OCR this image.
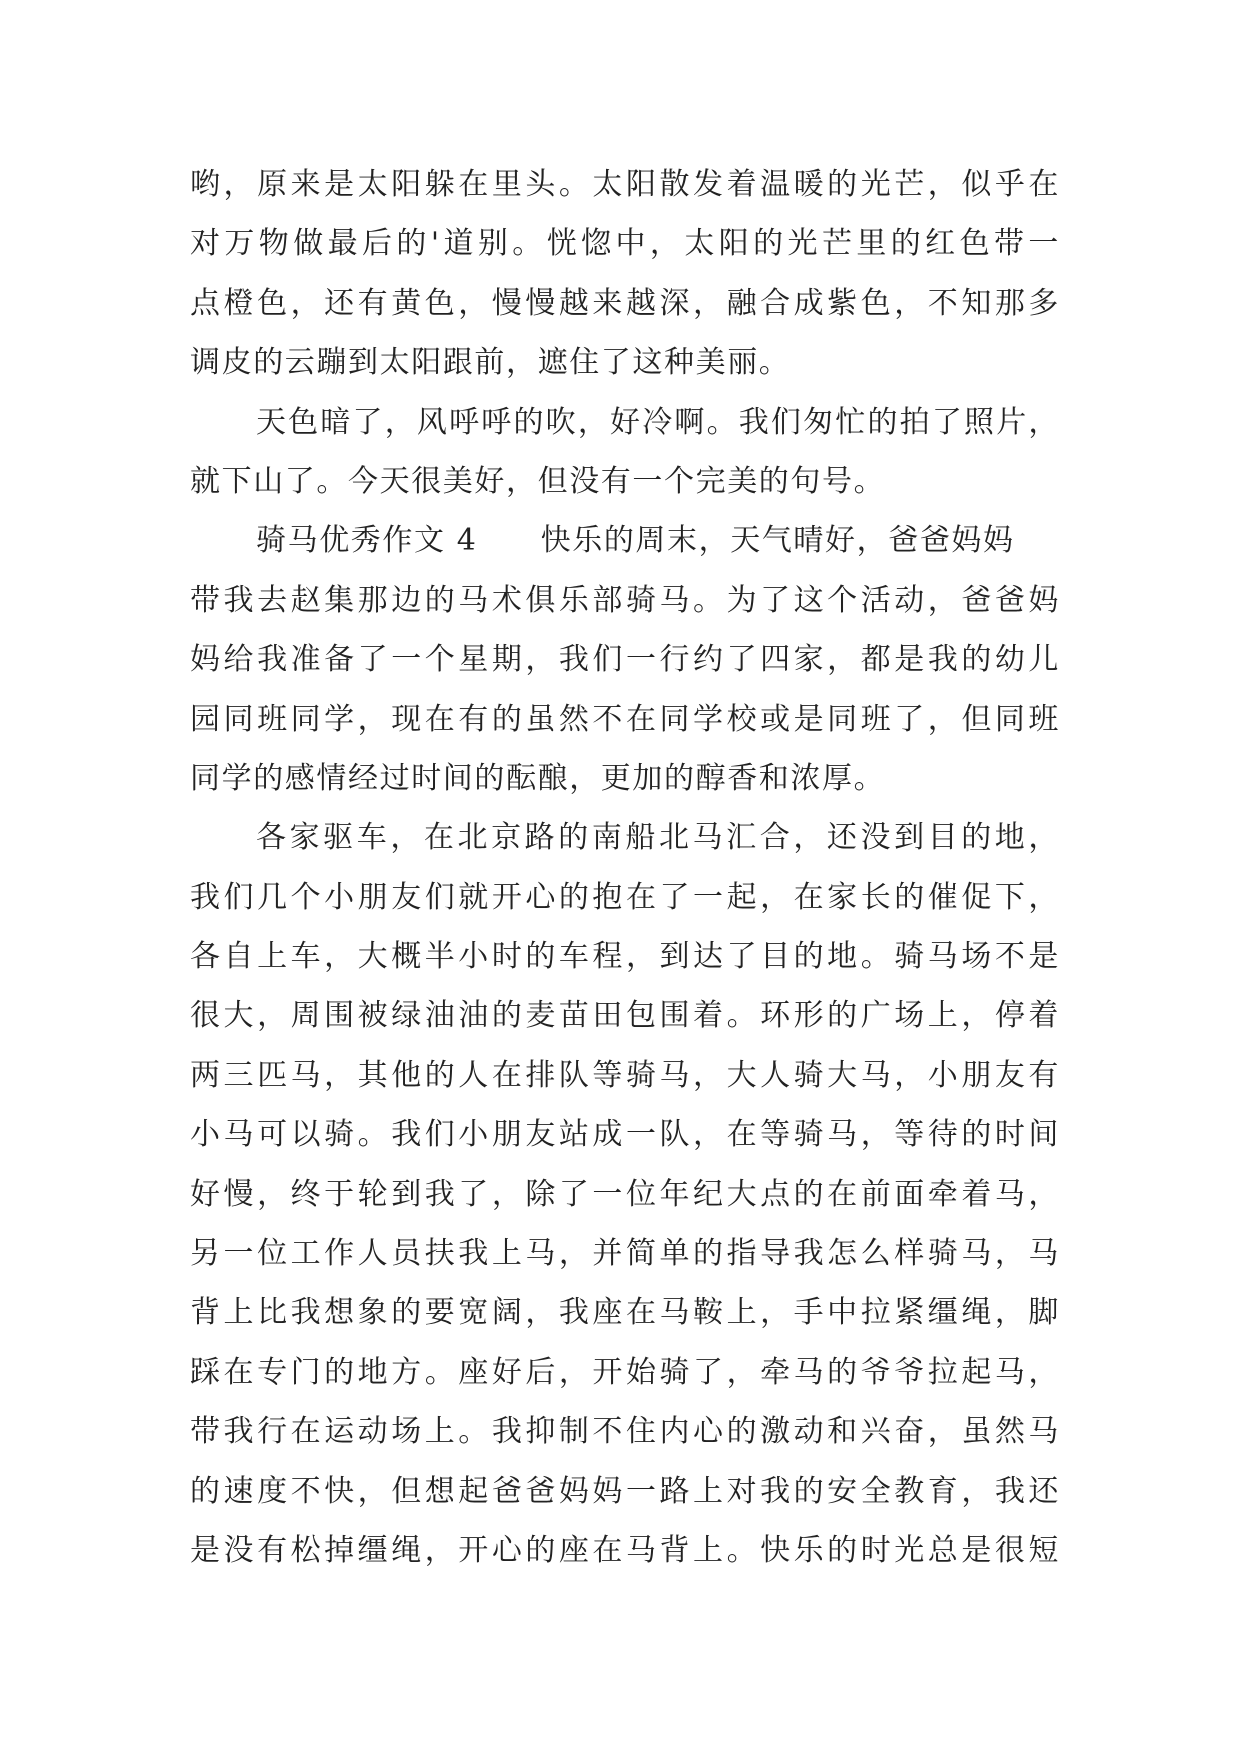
哟，原来是太阳躲在里头。太阳散发着温暖的光芒，似乎在
对万物做最后的'道别。恍惚中，太阳的光芒里的红色带一
点橙色，还有黄色，慢慢越来越深，融合成紫色，不知那多
调皮的云蹦到太阳跟前，遮住了这种美丽。
天色暗了，风呼呼的吹，好冷啊。我们匆忙的拍了照片，
就下山了。今天很美好，但没有一个完美的句号。
骑马优秀作文 4　　快乐的周末，天气晴好，爸爸妈妈
带我去赵集那边的马术俱乐部骑马。为了这个活动，爸爸妈
妈给我准备了一个星期，我们一行约了四家，都是我的幼儿
园同班同学，现在有的虽然不在同学校或是同班了，但同班
同学的感情经过时间的酝酿，更加的醇香和浓厚。
各家驱车，在北京路的南船北马汇合，还没到目的地，
我们几个小朋友们就开心的抱在了一起，在家长的催促下，
各自上车，大概半小时的车程，到达了目的地。骑马场不是
很大，周围被绿油油的麦苗田包围着。环形的广场上，停着
两三匹马，其他的人在排队等骑马，大人骑大马，小朋友有
小马可以骑。我们小朋友站成一队，在等骑马，等待的时间
好慢，终于轮到我了，除了一位年纪大点的在前面牵着马，
另一位工作人员扶我上马，并简单的指导我怎么样骑马，马
背上比我想象的要宽阔，我座在马鞍上，手中拉紧缰绳，脚
踩在专门的地方。座好后，开始骑了，牵马的爷爷拉起马，
带我行在运动场上。我抑制不住内心的激动和兴奋，虽然马
的速度不快，但想起爸爸妈妈一路上对我的安全教育，我还
是没有松掉缰绳，开心的座在马背上。快乐的时光总是很短
